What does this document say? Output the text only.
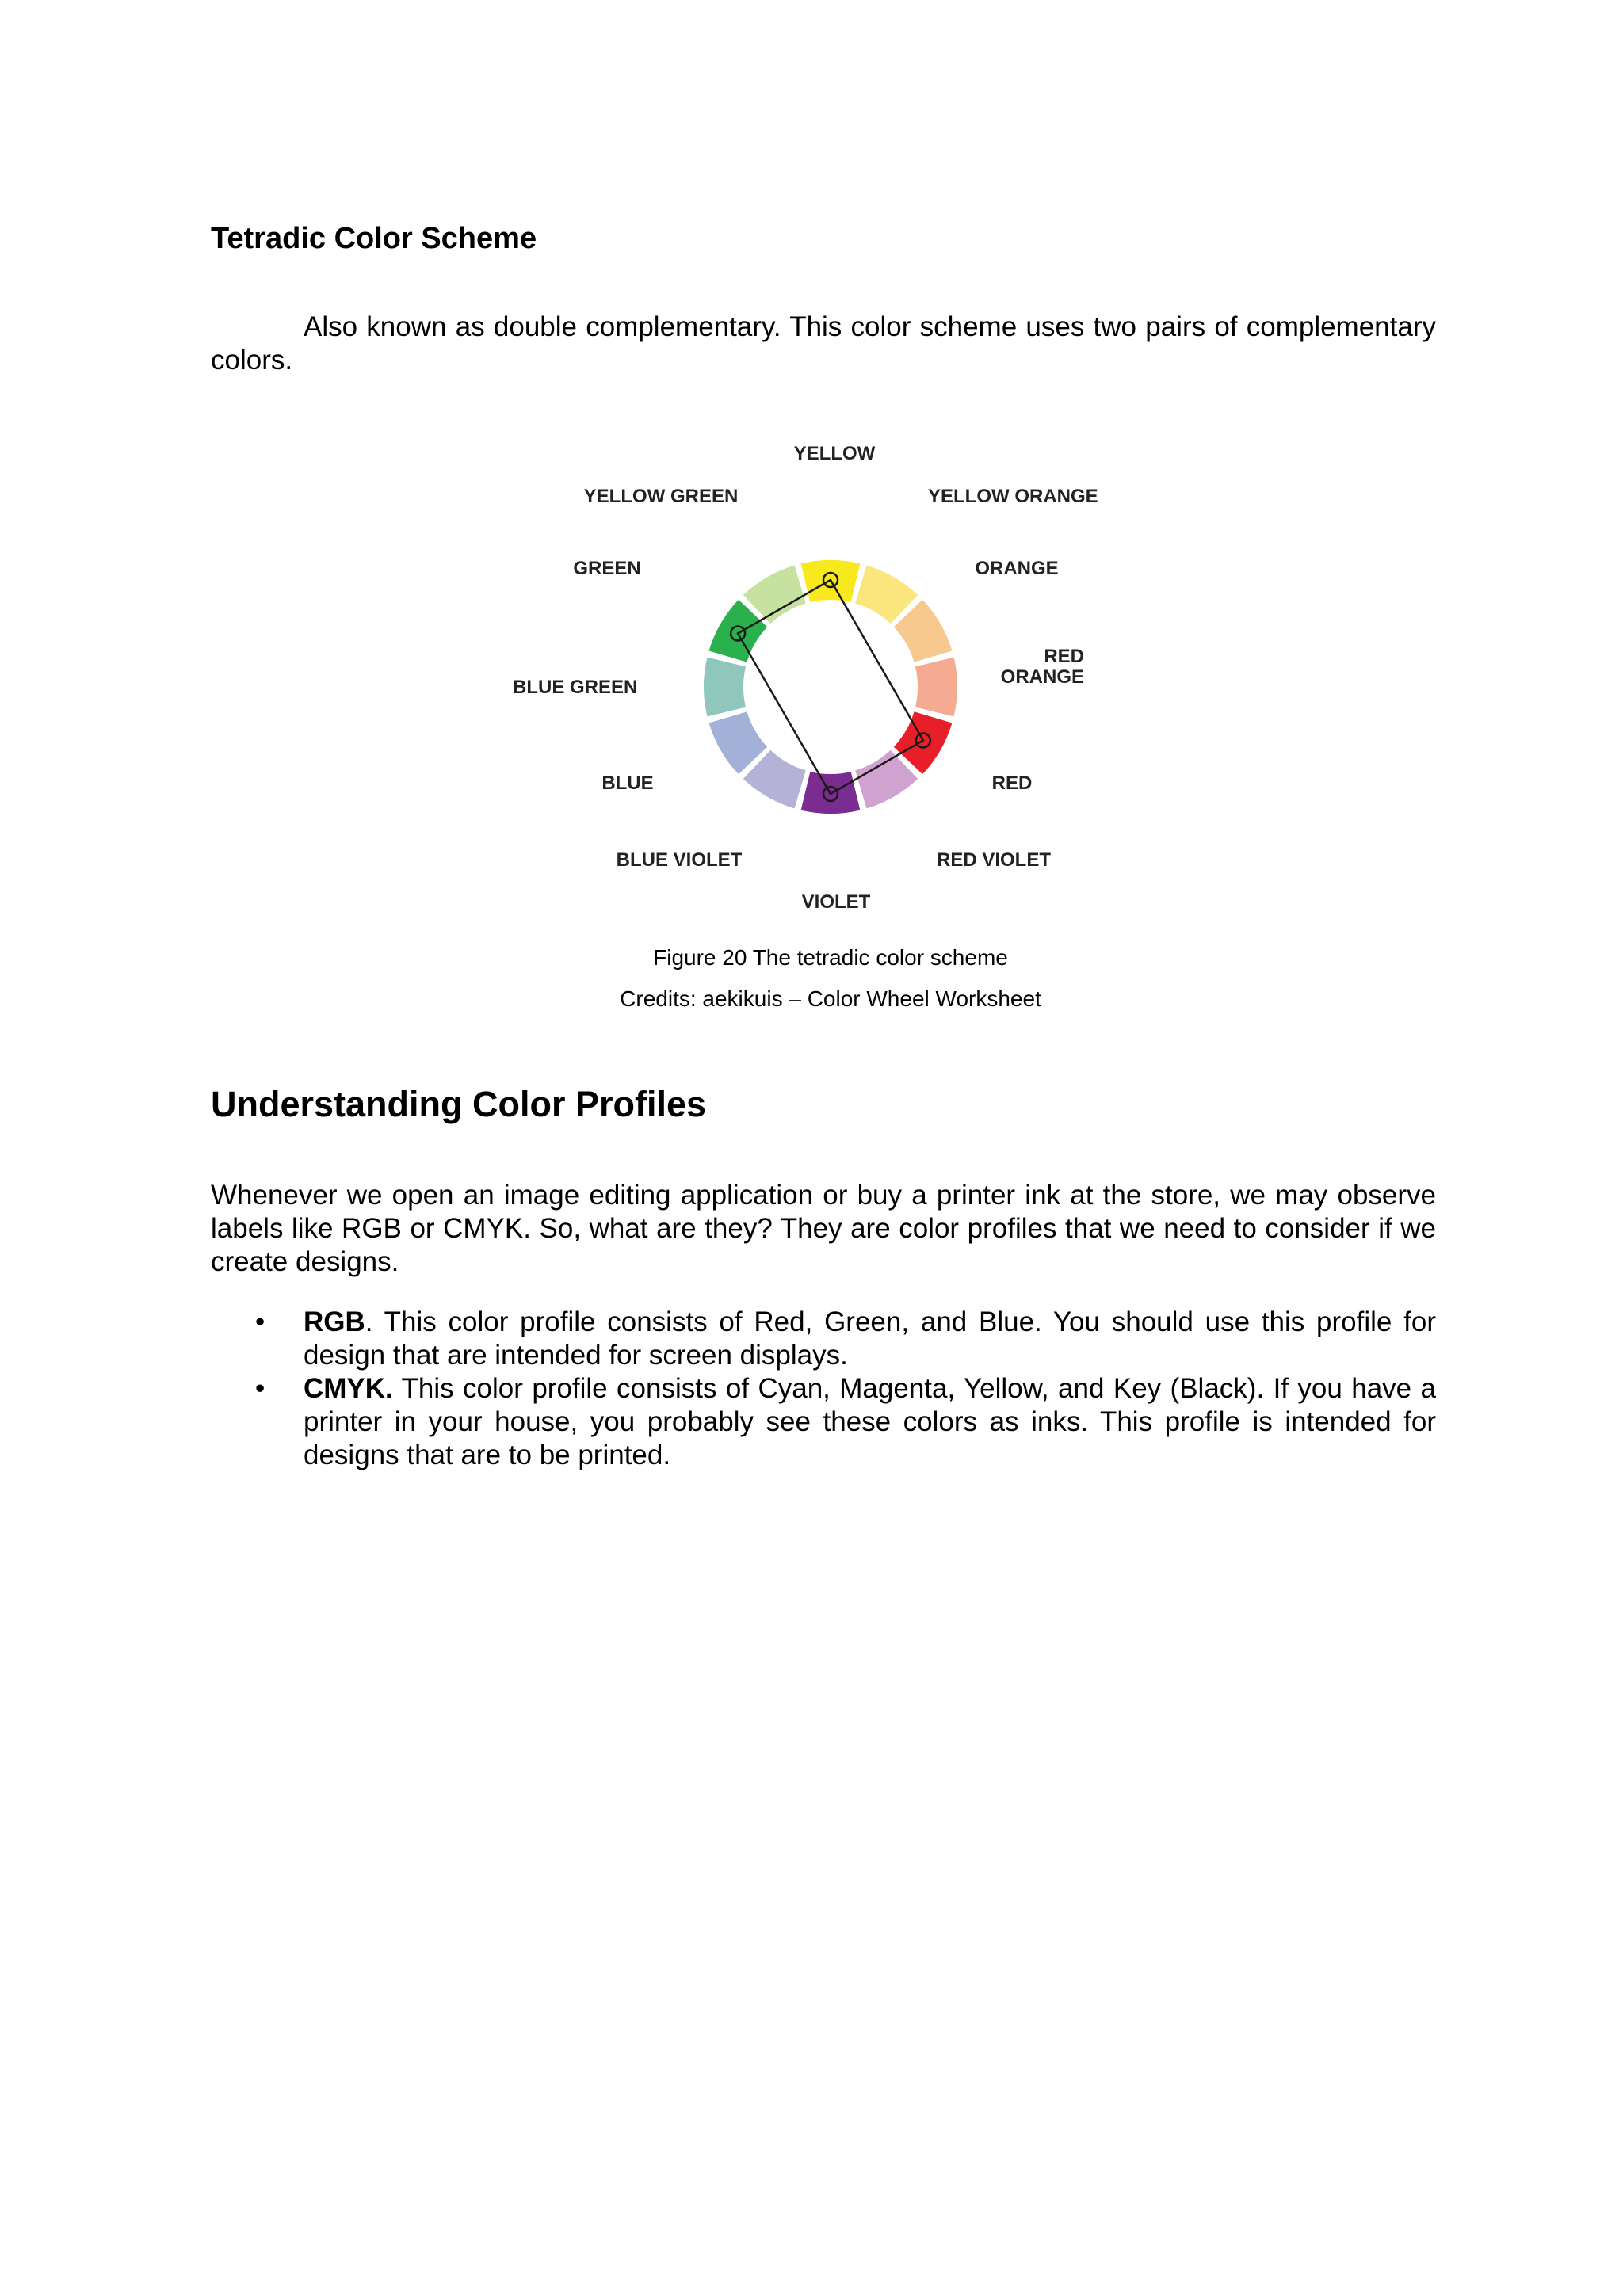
Tetradic Color Scheme

Also known as double complementary. This color scheme uses two pairs of complementary colors.

YELLOW
YELLOW ORANGE
ORANGE
RED
ORANGE
RED
RED VIOLET
VIOLET
BLUE VIOLET
BLUE
BLUE GREEN
GREEN
YELLOW GREEN

Figure 20 The tetradic color scheme

Credits: aekikuis – Color Wheel Worksheet

Understanding Color Profiles

Whenever we open an image editing application or buy a printer ink at the store, we may observe labels like RGB or CMYK. So, what are they? They are color profiles that we need to consider if we create designs.

• RGB. This color profile consists of Red, Green, and Blue. You should use this profile for design that are intended for screen displays.
• CMYK. This color profile consists of Cyan, Magenta, Yellow, and Key (Black). If you have a printer in your house, you probably see these colors as inks. This profile is intended for designs that are to be printed.
